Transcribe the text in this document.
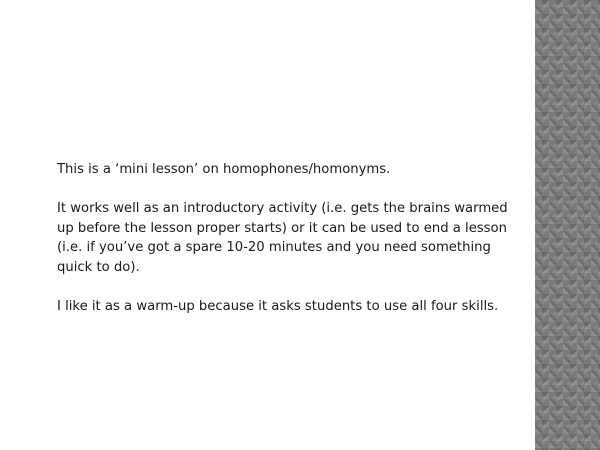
This is a ‘mini lesson’ on homophones/homonyms.

It works well as an introductory activity (i.e. gets the brains warmed up before the lesson proper starts) or it can be used to end a lesson (i.e. if you’ve got a spare 10-20 minutes and you need something quick to do).

I like it as a warm-up because it asks students to use all four skills.
